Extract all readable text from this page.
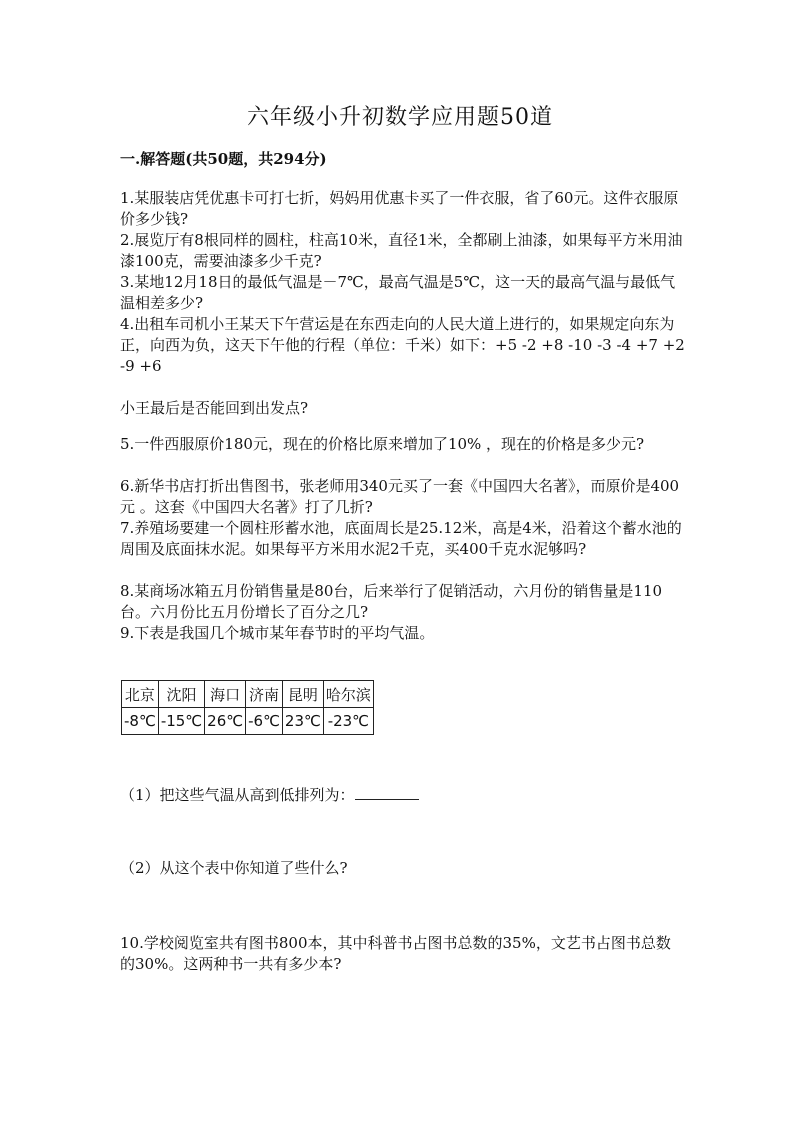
六年级小升初数学应用题50道
一.解答题(共50题，共294分)
1.某服装店凭优惠卡可打七折，妈妈用优惠卡买了一件衣服，省了60元。这件衣服原价多少钱?
2.展览厅有8根同样的圆柱，柱高10米，直径1米，全都刷上油漆，如果每平方米用油漆100克，需要油漆多少千克?
3.某地12月18日的最低气温是－7℃，最高气温是5℃，这一天的最高气温与最低气温相差多少?
4.出租车司机小王某天下午营运是在东西走向的人民大道上进行的，如果规定向东为正，向西为负，这天下午他的行程（单位：千米）如下：+5 -2 +8 -10 -3 -4 +7 +2 -9 +6
小王最后是否能回到出发点?
5.一件西服原价180元，现在的价格比原来增加了10% ，现在的价格是多少元?
6.新华书店打折出售图书，张老师用340元买了一套《中国四大名著》，而原价是400元 。这套《中国四大名著》打了几折?
7.养殖场要建一个圆柱形蓄水池，底面周长是25.12米，高是4米，沿着这个蓄水池的周围及底面抹水泥。如果每平方米用水泥2千克，买400千克水泥够吗?
8.某商场冰箱五月份销售量是80台，后来举行了促销活动，六月份的销售量是110台。六月份比五月份增长了百分之几?
9.下表是我国几个城市某年春节时的平均气温。
北京	沈阳	海口	济南	昆明	哈尔滨
-8℃	-15℃	26℃	-6℃	23℃	-23℃
（1）把这些气温从高到低排列为：
（2）从这个表中你知道了些什么?
10.学校阅览室共有图书800本，其中科普书占图书总数的35%，文艺书占图书总数的30%。这两种书一共有多少本?
